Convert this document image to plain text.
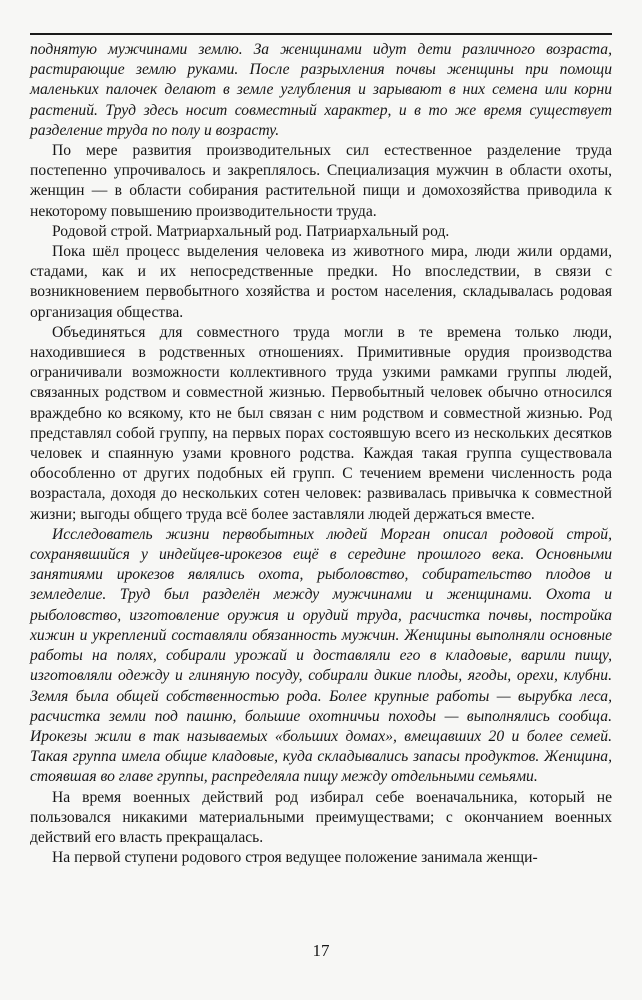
поднятую мужчинами землю. За женщинами идут дети различного возраста, растирающие землю руками. После разрыхления почвы женщины при помощи маленьких палочек делают в земле углубления и зарывают в них семена или корни растений. Труд здесь носит совместный характер, и в то же время существует разделение труда по полу и возрасту.

По мере развития производительных сил естественное разделение труда постепенно упрочивалось и закреплялось. Специализация мужчин в области охоты, женщин — в области собирания растительной пищи и домохозяйства приводила к некоторому повышению производительности труда.

Родовой строй. Матриархальный род. Патриархальный род.

Пока шёл процесс выделения человека из животного мира, люди жили ордами, стадами, как и их непосредственные предки. Но впоследствии, в связи с возникновением первобытного хозяйства и ростом населения, складывалась родовая организация общества.

Объединяться для совместного труда могли в те времена только люди, находившиеся в родственных отношениях. Примитивные орудия производства ограничивали возможности коллективного труда узкими рамками группы людей, связанных родством и совместной жизнью. Первобытный человек обычно относился враждебно ко всякому, кто не был связан с ним родством и совместной жизнью. Род представлял собой группу, на первых порах состоявшую всего из нескольких десятков человек и спаянную узами кровного родства. Каждая такая группа существовала обособленно от других подобных ей групп. С течением времени численность рода возрастала, доходя до нескольких сотен человек: развивалась привычка к совместной жизни; выгоды общего труда всё более заставляли людей держаться вместе.

Исследователь жизни первобытных людей Морган описал родовой строй, сохранявшийся у индейцев-ирокезов ещё в середине прошлого века. Основными занятиями ирокезов являлись охота, рыболовство, собирательство плодов и земледелие. Труд был разделён между мужчинами и женщинами. Охота и рыболовство, изготовление оружия и орудий труда, расчистка почвы, постройка хижин и укреплений составляли обязанность мужчин. Женщины выполняли основные работы на полях, собирали урожай и доставляли его в кладовые, варили пищу, изготовляли одежду и глиняную посуду, собирали дикие плоды, ягоды, орехи, клубни. Земля была общей собственностью рода. Более крупные работы — вырубка леса, расчистка земли под пашню, большие охотничьи походы — выполнялись сообща. Ирокезы жили в так называемых «больших домах», вмещавших 20 и более семей. Такая группа имела общие кладовые, куда складывались запасы продуктов. Женщина, стоявшая во главе группы, распределяла пищу между отдельными семьями.

На время военных действий род избирал себе военачальника, который не пользовался никакими материальными преимуществами; с окончанием военных действий его власть прекращалась.

На первой ступени родового строя ведущее положение занимала женщи-

17
